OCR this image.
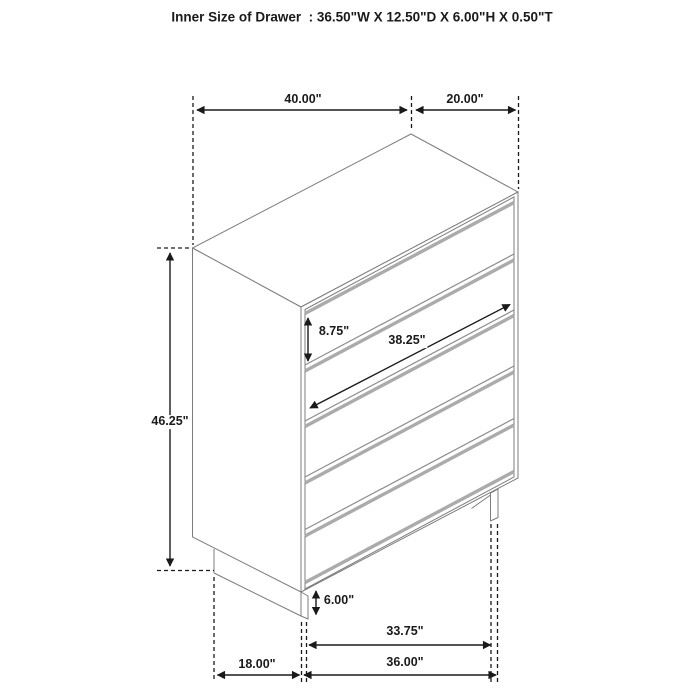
Inner Size of Drawer  : 36.50"W X 12.50"D X 6.00"H X 0.50"T
40.00"	20.00"
46.25"
8.75"
38.25"
6.00"
33.75"
36.00"
18.00"
